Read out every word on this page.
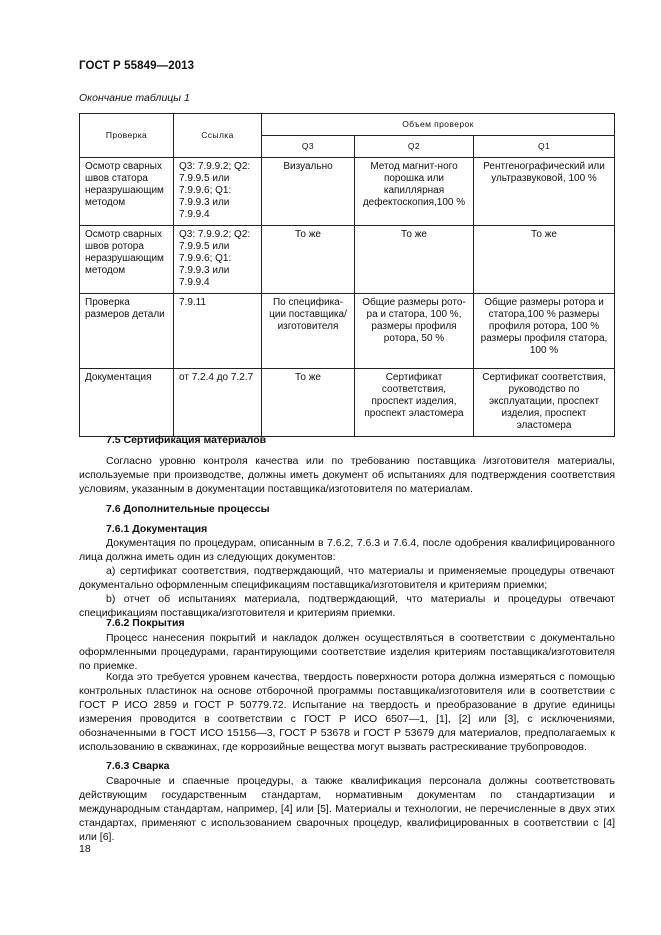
ГОСТ Р 55849—2013
Окончание таблицы 1
Проверка	Ссылка	Объем проверок		
		Q3	Q2	Q1
Осмотр сварных швов статора неразрушающим методом	Q3: 7.9.9.2; Q2: 7.9.9.5 или 7.9.9.6; Q1: 7.9.9.3 или 7.9.9.4	Визуально	Метод магнит-ного порошка или капиллярная дефектоскопия,100 %	Рентгенографический или ультразвуковой, 100 %
Осмотр сварных швов ротора неразрушающим методом	Q3: 7.9.9.2; Q2: 7.9.9.5 или 7.9.9.6; Q1: 7.9.9.3 или 7.9.9.4	То же	То же	То же
Проверка размеров детали	7.9.11	По специфика-ции поставщика/ изготовителя	Общие размеры рото-ра и статора, 100 %, размеры профиля ротора, 50 %	Общие размеры ротора и статора,100 % размеры профиля ротора, 100 % размеры профиля статора, 100 %
Документация	от 7.2.4 до 7.2.7	То же	Сертификат соответствия, проспект изделия, проспект эластомера	Сертификат соответствия, руководство по эксплуатации, проспект изделия, проспект эластомера
7.5 Сертификация материалов
Согласно уровню контроля качества или по требованию поставщика /изготовителя материалы, используемые при производстве, должны иметь документ об испытаниях для подтверждения соответствия условиям, указанным в документации поставщика/изготовителя по материалам.
7.6 Дополнительные процессы
7.6.1 Документация
Документация по процедурам, описанным в 7.6.2, 7.6.3 и 7.6.4, после одобрения квалифицированного лица должна иметь один из следующих документов:
а) сертификат соответствия, подтверждающий, что материалы и применяемые процедуры отвечают документально оформленным спецификациям поставщика/изготовителя и критериям приемки;
b) отчет об испытаниях материала, подтверждающий, что материалы и процедуры отвечают спецификациям поставщика/изготовителя и критериям приемки.
7.6.2 Покрытия
Процесс нанесения покрытий и накладок должен осуществляться в соответствии с документально оформленными процедурами, гарантирующими соответствие изделия критериям поставщика/изготовителя по приемке.
Когда это требуется уровнем качества, твердость поверхности ротора должна измеряться с помощью контрольных пластинок на основе отборочной программы поставщика/изготовителя или в соответствии с ГОСТ Р ИСО 2859 и ГОСТ Р 50779.72. Испытание на твердость и преобразование в другие единицы измерения проводится в соответствии с ГОСТ Р ИСО 6507—1, [1], [2] или [3], с исключениями, обозначенными в ГОСТ ИСО 15156—3, ГОСТ Р 53678 и ГОСТ Р 53679 для материалов, предполагаемых к использованию в скважинах, где коррозийные вещества могут вызвать растрескивание трубопроводов.
7.6.3 Сварка
Сварочные и спаечные процедуры, а также квалификация персонала должны соответствовать действующим государственным стандартам, нормативным документам по стандартизации и международным стандартам, например, [4] или [5]. Материалы и технологии, не перечисленные в двух этих стандартах, применяют с использованием сварочных процедур, квалифицированных в соответствии с [4] или [6].
18
